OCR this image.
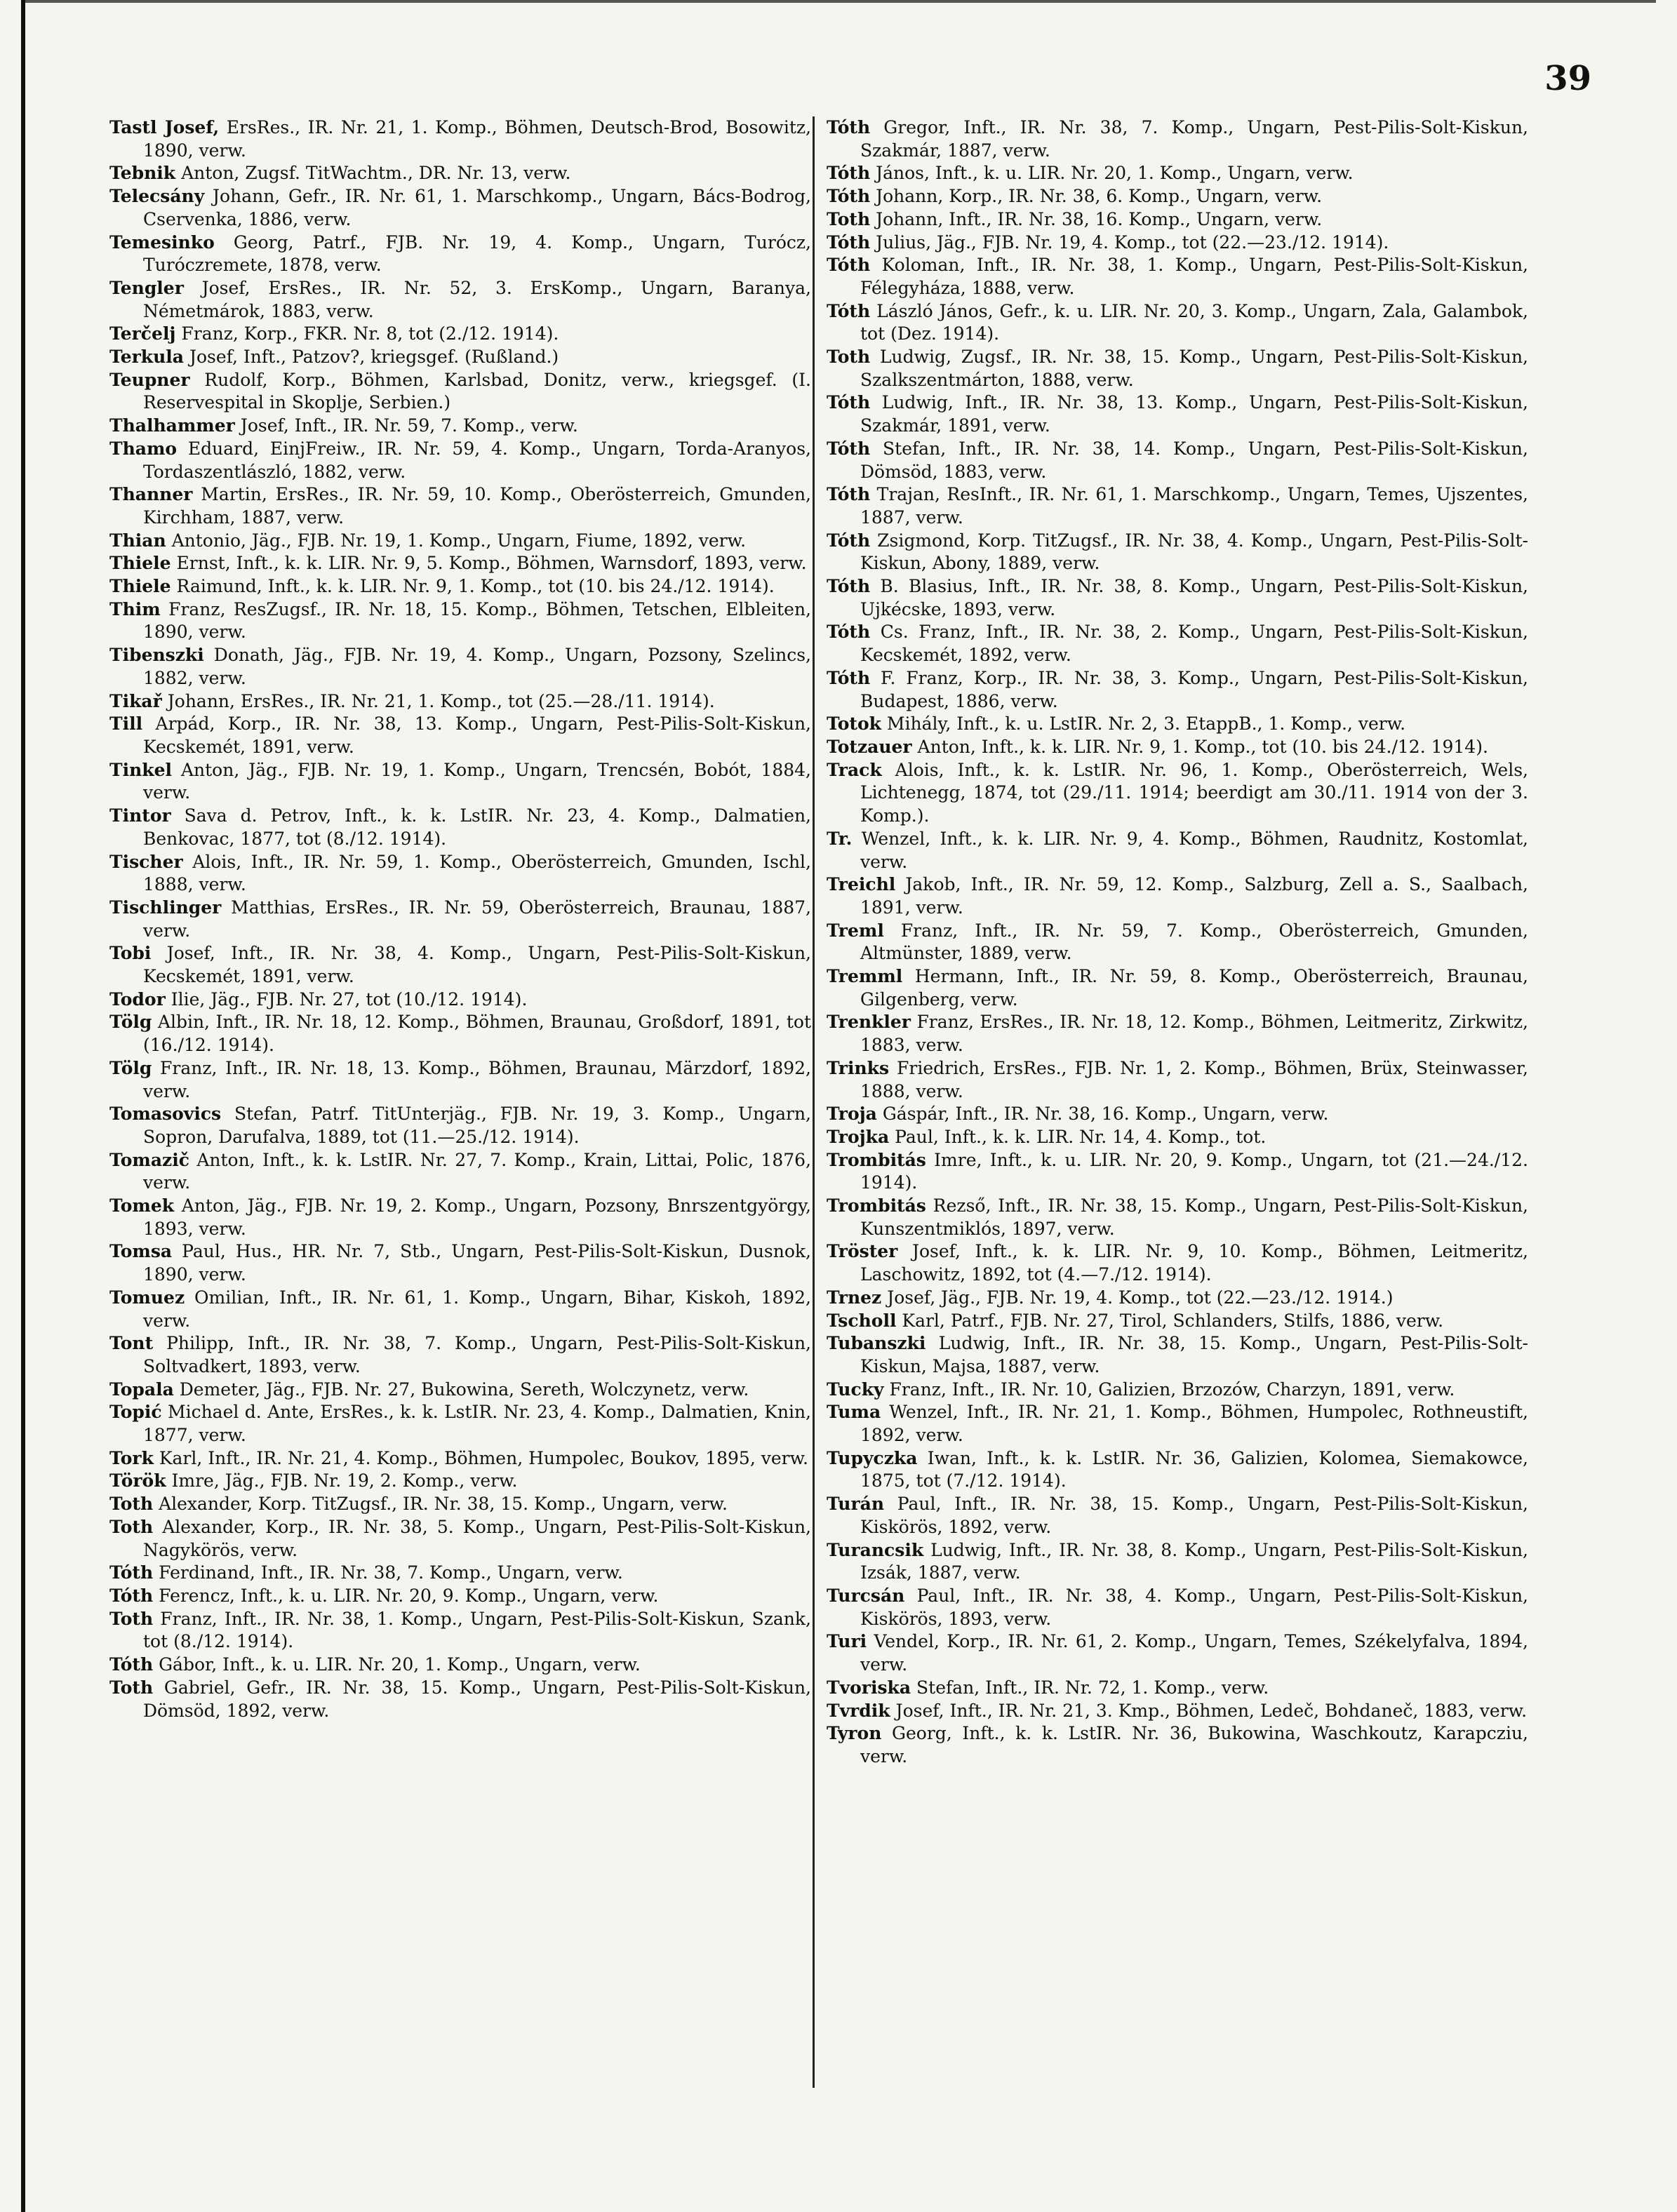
39
Tastl Josef, ErsRes., IR. Nr. 21, 1. Komp., Böhmen, Deutsch-Brod, Bosowitz, 1890, verw.
Tebnik Anton, Zugsf. TitWachtm., DR. Nr. 13, verw.
Telecsány Johann, Gefr., IR. Nr. 61, 1. Marschkomp., Ungarn, Bács-Bodrog, Cservenka, 1886, verw.
Temesinko Georg, Patrf., FJB. Nr. 19, 4. Komp., Ungarn, Turócz, Turóczremete, 1878, verw.
Tengler Josef, ErsRes., IR. Nr. 52, 3. ErsKomp., Ungarn, Baranya, Németmárok, 1883, verw.
Terčelj Franz, Korp., FKR. Nr. 8, tot (2./12. 1914).
Terkula Josef, Inft., Patzov?, kriegsgef. (Rußland.)
Teupner Rudolf, Korp., Böhmen, Karlsbad, Donitz, verw., kriegsgef. (I. Reservespital in Skoplje, Serbien.)
Thalhammer Josef, Inft., IR. Nr. 59, 7. Komp., verw.
Thamo Eduard, EinjFreiw., IR. Nr. 59, 4. Komp., Ungarn, Torda-Aranyos, Tordaszentlászló, 1882, verw.
Thanner Martin, ErsRes., IR. Nr. 59, 10. Komp., Oberösterreich, Gmunden, Kirchham, 1887, verw.
Thian Antonio, Jäg., FJB. Nr. 19, 1. Komp., Ungarn, Fiume, 1892, verw.
Thiele Ernst, Inft., k. k. LIR. Nr. 9, 5. Komp., Böhmen, Warnsdorf, 1893, verw.
Thiele Raimund, Inft., k. k. LIR. Nr. 9, 1. Komp., tot (10. bis 24./12. 1914).
Thim Franz, ResZugsf., IR. Nr. 18, 15. Komp., Böhmen, Tetschen, Elbleiten, 1890, verw.
Tibenszki Donath, Jäg., FJB. Nr. 19, 4. Komp., Ungarn, Pozsony, Szelincs, 1882, verw.
Tikař Johann, ErsRes., IR. Nr. 21, 1. Komp., tot (25.—28./11. 1914).
Till Arpád, Korp., IR. Nr. 38, 13. Komp., Ungarn, Pest-Pilis-Solt-Kiskun, Kecskemét, 1891, verw.
Tinkel Anton, Jäg., FJB. Nr. 19, 1. Komp., Ungarn, Trencsén, Bobót, 1884, verw.
Tintor Sava d. Petrov, Inft., k. k. LstIR. Nr. 23, 4. Komp., Dalmatien, Benkovac, 1877, tot (8./12. 1914).
Tischer Alois, Inft., IR. Nr. 59, 1. Komp., Oberösterreich, Gmunden, Ischl, 1888, verw.
Tischlinger Matthias, ErsRes., IR. Nr. 59, Oberösterreich, Braunau, 1887, verw.
Tobi Josef, Inft., IR. Nr. 38, 4. Komp., Ungarn, Pest-Pilis-Solt-Kiskun, Kecskemét, 1891, verw.
Todor Ilie, Jäg., FJB. Nr. 27, tot (10./12. 1914).
Tölg Albin, Inft., IR. Nr. 18, 12. Komp., Böhmen, Braunau, Großdorf, 1891, tot (16./12. 1914).
Tölg Franz, Inft., IR. Nr. 18, 13. Komp., Böhmen, Braunau, Märzdorf, 1892, verw.
Tomasovics Stefan, Patrf. TitUnterjäg., FJB. Nr. 19, 3. Komp., Ungarn, Sopron, Darufalva, 1889, tot (11.—25./12. 1914).
Tomazič Anton, Inft., k. k. LstIR. Nr. 27, 7. Komp., Krain, Littai, Polic, 1876, verw.
Tomek Anton, Jäg., FJB. Nr. 19, 2. Komp., Ungarn, Pozsony, Bnrszentgyörgy, 1893, verw.
Tomsa Paul, Hus., HR. Nr. 7, Stb., Ungarn, Pest-Pilis-Solt-Kiskun, Dusnok, 1890, verw.
Tomuez Omilian, Inft., IR. Nr. 61, 1. Komp., Ungarn, Bihar, Kiskoh, 1892, verw.
Tont Philipp, Inft., IR. Nr. 38, 7. Komp., Ungarn, Pest-Pilis-Solt-Kiskun, Soltvadkert, 1893, verw.
Topala Demeter, Jäg., FJB. Nr. 27, Bukowina, Sereth, Wolczynetz, verw.
Topić Michael d. Ante, ErsRes., k. k. LstIR. Nr. 23, 4. Komp., Dalmatien, Knin, 1877, verw.
Tork Karl, Inft., IR. Nr. 21, 4. Komp., Böhmen, Humpolec, Boukov, 1895, verw.
Török Imre, Jäg., FJB. Nr. 19, 2. Komp., verw.
Toth Alexander, Korp. TitZugsf., IR. Nr. 38, 15. Komp., Ungarn, verw.
Toth Alexander, Korp., IR. Nr. 38, 5. Komp., Ungarn, Pest-Pilis-Solt-Kiskun, Nagykörös, verw.
Tóth Ferdinand, Inft., IR. Nr. 38, 7. Komp., Ungarn, verw.
Tóth Ferencz, Inft., k. u. LIR. Nr. 20, 9. Komp., Ungarn, verw.
Toth Franz, Inft., IR. Nr. 38, 1. Komp., Ungarn, Pest-Pilis-Solt-Kiskun, Szank, tot (8./12. 1914).
Tóth Gábor, Inft., k. u. LIR. Nr. 20, 1. Komp., Ungarn, verw.
Toth Gabriel, Gefr., IR. Nr. 38, 15. Komp., Ungarn, Pest-Pilis-Solt-Kiskun, Dömsöd, 1892, verw.
Tóth Gregor, Inft., IR. Nr. 38, 7. Komp., Ungarn, Pest-Pilis-Solt-Kiskun, Szakmár, 1887, verw.
Tóth János, Inft., k. u. LIR. Nr. 20, 1. Komp., Ungarn, verw.
Tóth Johann, Korp., IR. Nr. 38, 6. Komp., Ungarn, verw.
Toth Johann, Inft., IR. Nr. 38, 16. Komp., Ungarn, verw.
Tóth Julius, Jäg., FJB. Nr. 19, 4. Komp., tot (22.—23./12. 1914).
Tóth Koloman, Inft., IR. Nr. 38, 1. Komp., Ungarn, Pest-Pilis-Solt-Kiskun, Félegyháza, 1888, verw.
Tóth László János, Gefr., k. u. LIR. Nr. 20, 3. Komp., Ungarn, Zala, Galambok, tot (Dez. 1914).
Toth Ludwig, Zugsf., IR. Nr. 38, 15. Komp., Ungarn, Pest-Pilis-Solt-Kiskun, Szalkszentmárton, 1888, verw.
Tóth Ludwig, Inft., IR. Nr. 38, 13. Komp., Ungarn, Pest-Pilis-Solt-Kiskun, Szakmár, 1891, verw.
Tóth Stefan, Inft., IR. Nr. 38, 14. Komp., Ungarn, Pest-Pilis-Solt-Kiskun, Dömsöd, 1883, verw.
Tóth Trajan, ResInft., IR. Nr. 61, 1. Marschkomp., Ungarn, Temes, Ujszentes, 1887, verw.
Tóth Zsigmond, Korp. TitZugsf., IR. Nr. 38, 4. Komp., Ungarn, Pest-Pilis-Solt-Kiskun, Abony, 1889, verw.
Tóth B. Blasius, Inft., IR. Nr. 38, 8. Komp., Ungarn, Pest-Pilis-Solt-Kiskun, Ujkécske, 1893, verw.
Tóth Cs. Franz, Inft., IR. Nr. 38, 2. Komp., Ungarn, Pest-Pilis-Solt-Kiskun, Kecskemét, 1892, verw.
Tóth F. Franz, Korp., IR. Nr. 38, 3. Komp., Ungarn, Pest-Pilis-Solt-Kiskun, Budapest, 1886, verw.
Totok Mihály, Inft., k. u. LstIR. Nr. 2, 3. EtappB., 1. Komp., verw.
Totzauer Anton, Inft., k. k. LIR. Nr. 9, 1. Komp., tot (10. bis 24./12. 1914).
Track Alois, Inft., k. k. LstIR. Nr. 96, 1. Komp., Oberösterreich, Wels, Lichtenegg, 1874, tot (29./11. 1914; beerdigt am 30./11. 1914 von der 3. Komp.).
Tr. Wenzel, Inft., k. k. LIR. Nr. 9, 4. Komp., Böhmen, Raudnitz, Kostomlat, verw.
Treichl Jakob, Inft., IR. Nr. 59, 12. Komp., Salzburg, Zell a. S., Saalbach, 1891, verw.
Treml Franz, Inft., IR. Nr. 59, 7. Komp., Oberösterreich, Gmunden, Altmünster, 1889, verw.
Tremml Hermann, Inft., IR. Nr. 59, 8. Komp., Oberösterreich, Braunau, Gilgenberg, verw.
Trenkler Franz, ErsRes., IR. Nr. 18, 12. Komp., Böhmen, Leitmeritz, Zirkwitz, 1883, verw.
Trinks Friedrich, ErsRes., FJB. Nr. 1, 2. Komp., Böhmen, Brüx, Steinwasser, 1888, verw.
Troja Gáspár, Inft., IR. Nr. 38, 16. Komp., Ungarn, verw.
Trojka Paul, Inft., k. k. LIR. Nr. 14, 4. Komp., tot.
Trombitás Imre, Inft., k. u. LIR. Nr. 20, 9. Komp., Ungarn, tot (21.—24./12. 1914).
Trombitás Rezső, Inft., IR. Nr. 38, 15. Komp., Ungarn, Pest-Pilis-Solt-Kiskun, Kunszentmiklós, 1897, verw.
Tröster Josef, Inft., k. k. LIR. Nr. 9, 10. Komp., Böhmen, Leitmeritz, Laschowitz, 1892, tot (4.—7./12. 1914).
Trnez Josef, Jäg., FJB. Nr. 19, 4. Komp., tot (22.—23./12. 1914.)
Tscholl Karl, Patrf., FJB. Nr. 27, Tirol, Schlanders, Stilfs, 1886, verw.
Tubanszki Ludwig, Inft., IR. Nr. 38, 15. Komp., Ungarn, Pest-Pilis-Solt-Kiskun, Majsa, 1887, verw.
Tucky Franz, Inft., IR. Nr. 10, Galizien, Brzozów, Charzyn, 1891, verw.
Tuma Wenzel, Inft., IR. Nr. 21, 1. Komp., Böhmen, Humpolec, Rothneustift, 1892, verw.
Tupyczka Iwan, Inft., k. k. LstIR. Nr. 36, Galizien, Kolomea, Siemakowce, 1875, tot (7./12. 1914).
Turán Paul, Inft., IR. Nr. 38, 15. Komp., Ungarn, Pest-Pilis-Solt-Kiskun, Kiskörös, 1892, verw.
Turancsik Ludwig, Inft., IR. Nr. 38, 8. Komp., Ungarn, Pest-Pilis-Solt-Kiskun, Izsák, 1887, verw.
Turcsán Paul, Inft., IR. Nr. 38, 4. Komp., Ungarn, Pest-Pilis-Solt-Kiskun, Kiskörös, 1893, verw.
Turi Vendel, Korp., IR. Nr. 61, 2. Komp., Ungarn, Temes, Székelyfalva, 1894, verw.
Tvoriska Stefan, Inft., IR. Nr. 72, 1. Komp., verw.
Tvrdik Josef, Inft., IR. Nr. 21, 3. Kmp., Böhmen, Ledeč, Bohdaneč, 1883, verw.
Tyron Georg, Inft., k. k. LstIR. Nr. 36, Bukowina, Waschkoutz, Karapcziu, verw.
